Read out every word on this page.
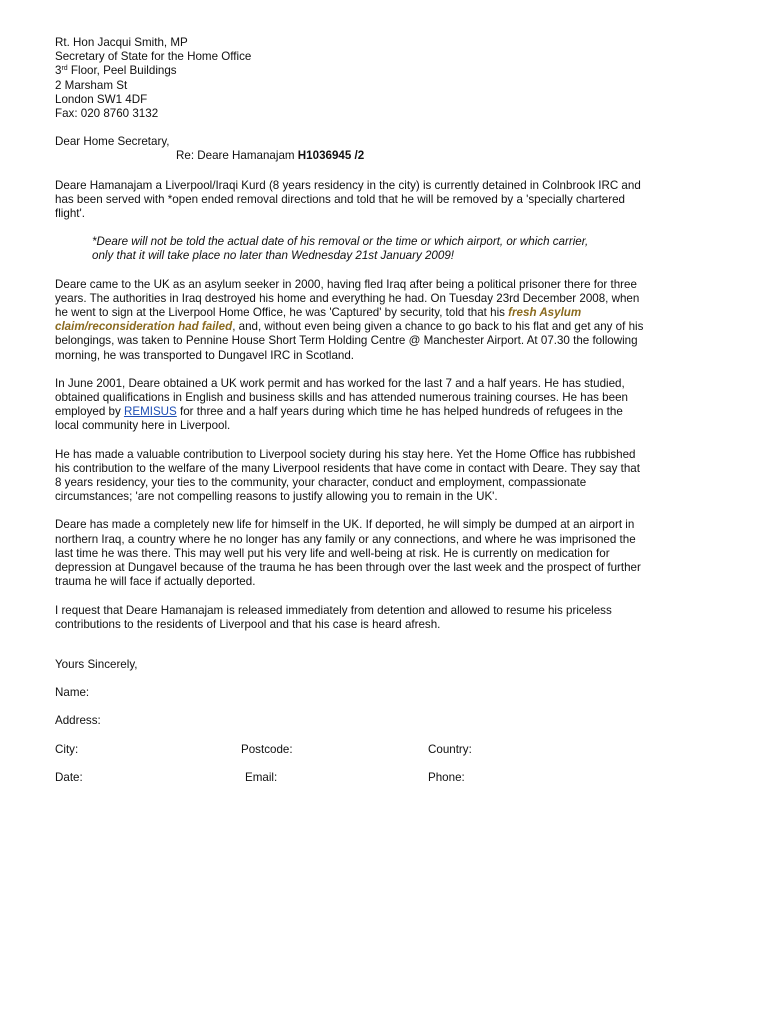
Rt. Hon Jacqui Smith, MP
Secretary of State for the Home Office
3rd Floor, Peel Buildings
2 Marsham St
London SW1 4DF
Fax: 020 8760 3132
Dear Home Secretary,
Re: Deare Hamanajam H1036945 /2
Deare Hamanajam a Liverpool/Iraqi Kurd (8 years residency in the city) is currently detained in Colnbrook IRC and
has been served with *open ended removal directions and told that he will be removed by a 'specially chartered
flight'.
*Deare will not be told the actual date of his removal or the time or which airport, or which carrier,
only that it will take place no later than Wednesday 21st January 2009!
Deare came to the UK as an asylum seeker in 2000, having fled Iraq after being a political prisoner there for three
years. The authorities in Iraq destroyed his home and everything he had. On Tuesday 23rd December 2008, when
he went to sign at the Liverpool Home Office, he was 'Captured' by security, told that his fresh Asylum
claim/reconsideration had failed, and, without even being given a chance to go back to his flat and get any of his
belongings, was taken to Pennine House Short Term Holding Centre @ Manchester Airport. At 07.30 the following
morning, he was transported to Dungavel IRC in Scotland.
In June 2001, Deare obtained a UK work permit and has worked for the last 7 and a half years. He has studied,
obtained qualifications in English and business skills and has attended numerous training courses. He has been
employed by REMISUS for three and a half years during which time he has helped hundreds of refugees in the
local community here in Liverpool.
He has made a valuable contribution to Liverpool society during his stay here. Yet the Home Office has rubbished
his contribution to the welfare of the many Liverpool residents that have come in contact with Deare. They say that
8 years residency, your ties to the community, your character, conduct and employment, compassionate
circumstances; 'are not compelling reasons to justify allowing you to remain in the UK'.
Deare has made a completely new life for himself in the UK. If deported, he will simply be dumped at an airport in
northern Iraq, a country where he no longer has any family or any connections, and where he was imprisoned the
last time he was there. This may well put his very life and well-being at risk. He is currently on medication for
depression at Dungavel because of the trauma he has been through over the last week and the prospect of further
trauma he will face if actually deported.
I request that Deare Hamanajam is released immediately from detention and allowed to resume his priceless
contributions to the residents of Liverpool and that his case is heard afresh.
Yours Sincerely,
Name:
Address:
City:	Postcode:	Country:
Date:	Email:	Phone:
